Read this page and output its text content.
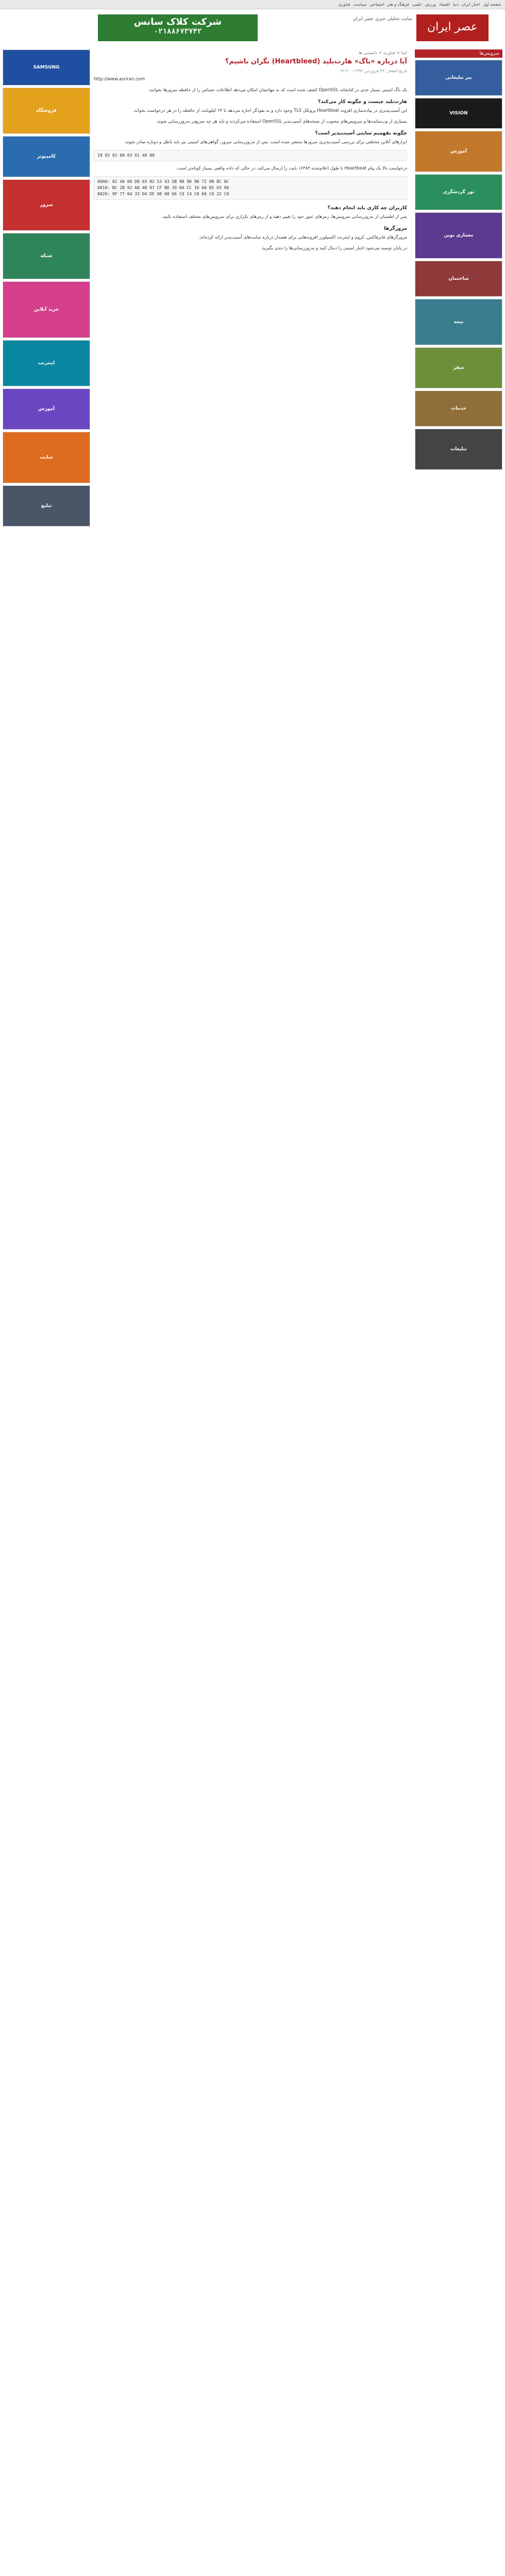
صفحه اول
اخبار ایران
دنیا
اقتصاد
ورزش
علمی
فرهنگ و هنر
اجتماعی
سیاست
فناوری
عصر ایران
سایت تحلیلی خبری عصر ایران
شرکت کلاک سانس
۰۲۱۸۸۶۷۳۷۴۲
سرویس‌ها
بنر تبلیغاتی
VISION
آموزش
تور گردشگری
معماری نوین
ساختمان
بیمه
سفر
خدمات
تبلیغات
SAMSUNG
فروشگاه
کامپیوتر
سرور
شبکه
خرید آنلاین
اینترنت
آموزش
سایت
تبلیغ
ایتنا > فناوری > دانستنی ها
آیا درباره «باگ» هارت‌بلید (Heartbleed) نگران باشیم؟
تاریخ انتشار: ۲۳ فروردین ۱۳۹۳ - ۱۲:۳۰
http://www.asriran.com
یک باگ امنیتی بسیار جدی در کتابخانه OpenSSL کشف شده است که به مهاجمان امکان می‌دهد اطلاعات حساس را از حافظه سرورها بخوانند.
هارت‌بلید چیست و چگونه کار می‌کند؟
این آسیب‌پذیری در پیاده‌سازی افزونه Heartbeat پروتکل TLS وجود دارد و به نفوذگر اجازه می‌دهد تا ۶۴ کیلوبایت از حافظه را در هر درخواست بخواند.
بسیاری از وب‌سایت‌ها و سرویس‌های محبوب از نسخه‌های آسیب‌پذیر OpenSSL استفاده می‌کردند و باید هر چه سریع‌تر به‌روزرسانی شوند.
چگونه بفهمیم سایتی آسیب‌پذیر است؟
ابزارهای آنلاین مختلفی برای بررسی آسیب‌پذیری سرورها منتشر شده است. پس از به‌روزرسانی سرور، گواهی‌های امنیتی نیز باید باطل و دوباره صادر شوند.
18 03 02 00 03 01 40 00
درخواست بالا یک پیام Heartbeat با طول اعلام‌شده ۱۶۳۸۴ بایت را ارسال می‌کند، در حالی که داده واقعی بسیار کوتاه‌تر است.
0000: 02 40 00 D8 03 02 53 43 5B 90 9D 9B 72 0B BC 0C
0010: BC 2B 92 A8 48 97 CF BD 39 04 CC 16 0A 85 03 90
0020: 9F 77 04 33 D4 DE 00 00 66 C0 14 C0 0A C0 22 C0
کاربران چه کاری باید انجام دهند؟
پس از اطمینان از به‌روزرسانی سرویس‌ها، رمزهای عبور خود را تغییر دهید و از رمزهای تکراری برای سرویس‌های مختلف استفاده نکنید.
مرورگرها
مرورگرهای فایرفاکس، کروم و اینترنت اکسپلورر افزونه‌هایی برای هشدار درباره سایت‌های آسیب‌پذیر ارائه کرده‌اند.
در پایان توصیه می‌شود اخبار امنیتی را دنبال کنید و به‌روزرسانی‌ها را جدی بگیرید.
